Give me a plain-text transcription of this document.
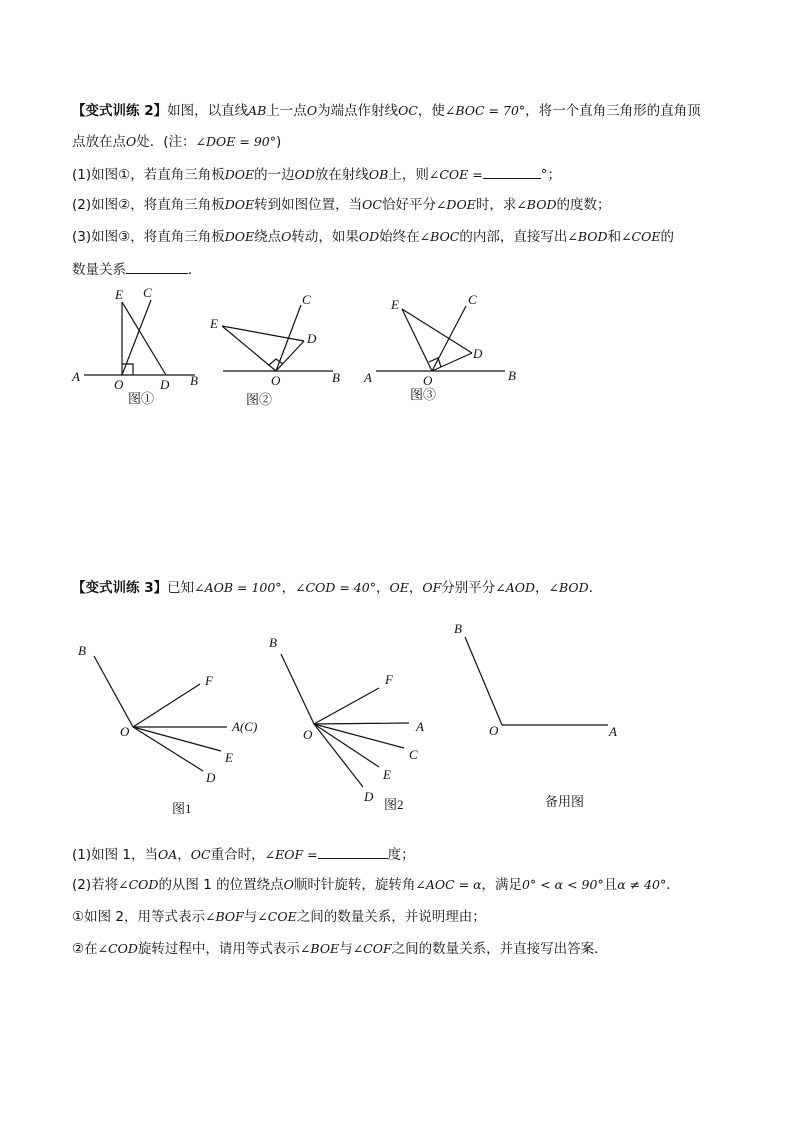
【变式训练 2】如图，以直线AB上一点O为端点作射线OC，使∠BOC = 70°，将一个直角三角形的直角顶
点放在点O处．(注：∠DOE = 90°)
(1)如图①，若直角三角板DOE的一边OD放在射线OB上，则∠COE =	°；
(2)如图②，将直角三角板DOE转到如图位置，当OC恰好平分∠DOE时，求∠BOD的度数；
(3)如图③，将直角三角板DOE绕点O转动，如果OD始终在∠BOC的内部，直接写出∠BOD和∠COE的
数量关系	．
A
O	D B
E C
图①
E
C
D
O	B
图②
E	C
D
A	O	B
图③
B
F
A(C)
O
E
D
图1
B
F
A
O
C
E
D
图2
B
O	A
备用图
【变式训练 3】已知∠AOB = 100°，∠COD = 40°，OE，OF分别平分∠AOD，∠BOD．
(1)如图 1，当OA，OC重合时，∠EOF =	度；
(2)若将∠COD的从图 1 的位置绕点O顺时针旋转，旋转角∠AOC = α，满足0° < α < 90°且α ≠ 40°．
①如图 2，用等式表示∠BOF与∠COE之间的数量关系，并说明理由；
②在∠COD旋转过程中，请用等式表示∠BOE与∠COF之间的数量关系，并直接写出答案．
